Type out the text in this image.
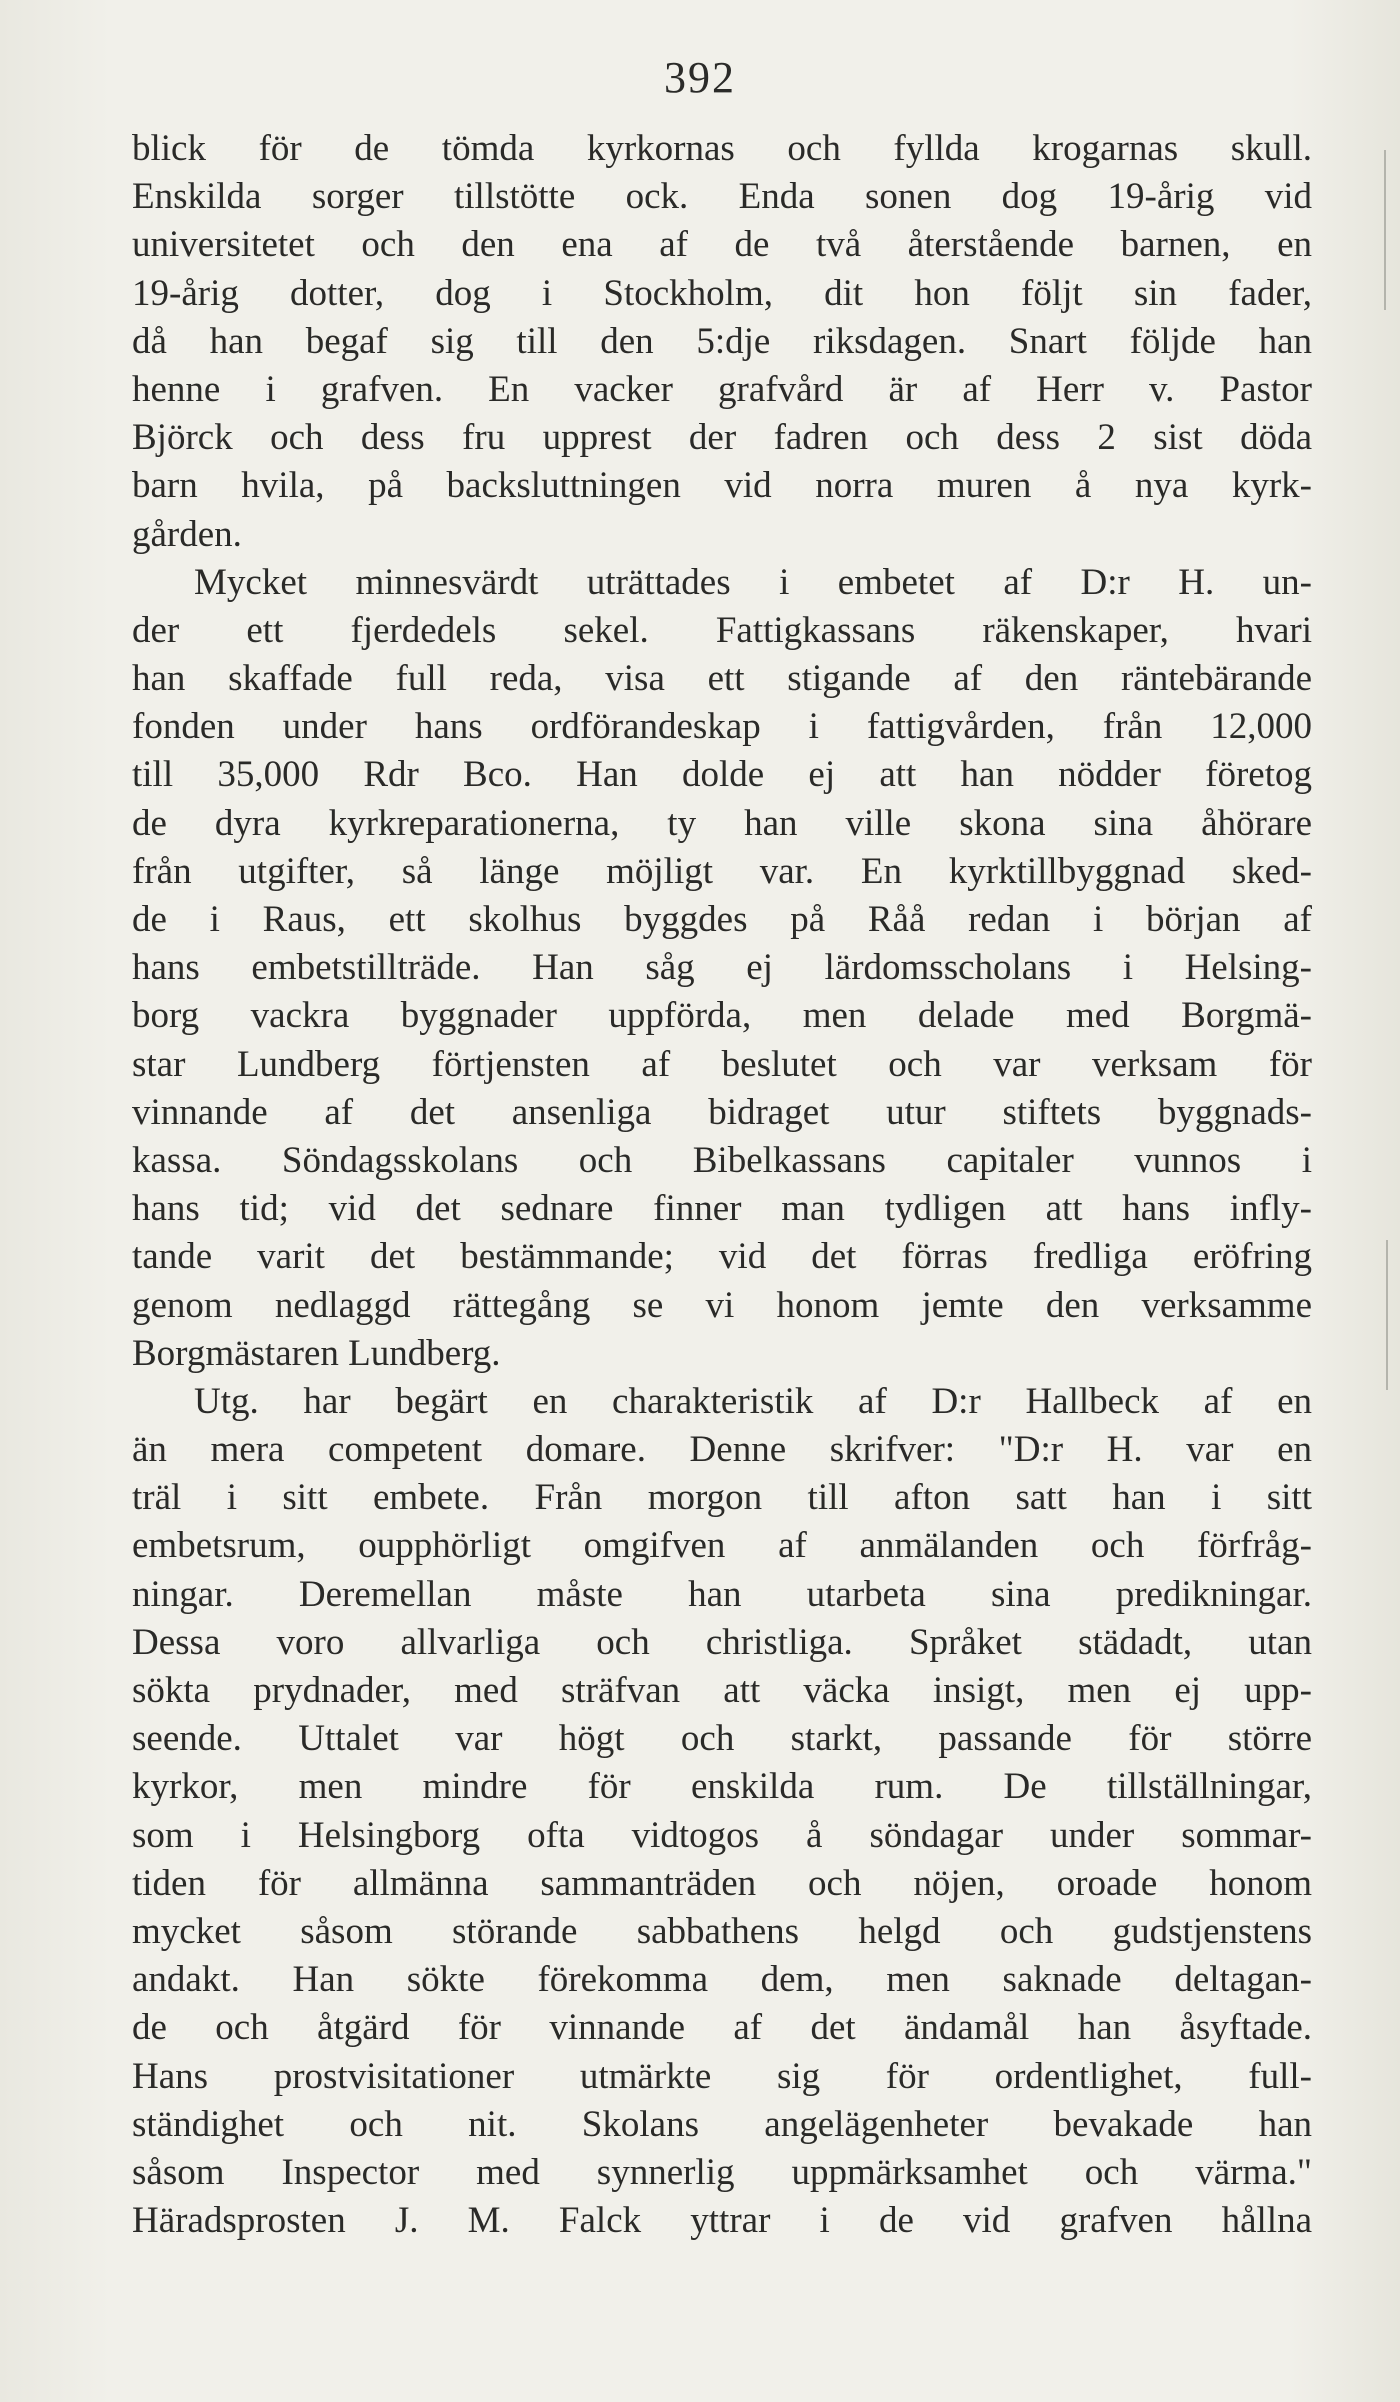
392
blick för de tömda kyrkornas och fyllda krogarnas skull.
Enskilda sorger tillstötte ock. Enda sonen dog 19-årig vid
universitetet och den ena af de två återstående barnen, en
19-årig dotter, dog i Stockholm, dit hon följt sin fader,
då han begaf sig till den 5:dje riksdagen. Snart följde han
henne i grafven. En vacker grafvård är af Herr v. Pastor
Björck och dess fru upprest der fadren och dess 2 sist döda
barn hvila, på backsluttningen vid norra muren å nya kyrk-
gården.
Mycket minnesvärdt uträttades i embetet af D:r H. un-
der ett fjerdedels sekel. Fattigkassans räkenskaper, hvari
han skaffade full reda, visa ett stigande af den räntebärande
fonden under hans ordförandeskap i fattigvården, från 12,000
till 35,000 Rdr Bco. Han dolde ej att han nödder företog
de dyra kyrkreparationerna, ty han ville skona sina åhörare
från utgifter, så länge möjligt var. En kyrktillbyggnad sked-
de i Raus, ett skolhus byggdes på Råå redan i början af
hans embetstillträde. Han såg ej lärdomsscholans i Helsing-
borg vackra byggnader uppförda, men delade med Borgmä-
star Lundberg förtjensten af beslutet och var verksam för
vinnande af det ansenliga bidraget utur stiftets byggnads-
kassa. Söndagsskolans och Bibelkassans capitaler vunnos i
hans tid; vid det sednare finner man tydligen att hans infly-
tande varit det bestämmande; vid det förras fredliga eröfring
genom nedlaggd rättegång se vi honom jemte den verksamme
Borgmästaren Lundberg.
Utg. har begärt en charakteristik af D:r Hallbeck af en
än mera competent domare. Denne skrifver: "D:r H. var en
träl i sitt embete. Från morgon till afton satt han i sitt
embetsrum, oupphörligt omgifven af anmälanden och förfråg-
ningar. Deremellan måste han utarbeta sina predikningar.
Dessa voro allvarliga och christliga. Språket städadt, utan
sökta prydnader, med sträfvan att väcka insigt, men ej upp-
seende. Uttalet var högt och starkt, passande för större
kyrkor, men mindre för enskilda rum. De tillställningar,
som i Helsingborg ofta vidtogos å söndagar under sommar-
tiden för allmänna sammanträden och nöjen, oroade honom
mycket såsom störande sabbathens helgd och gudstjenstens
andakt. Han sökte förekomma dem, men saknade deltagan-
de och åtgärd för vinnande af det ändamål han åsyftade.
Hans prostvisitationer utmärkte sig för ordentlighet, full-
ständighet och nit. Skolans angelägenheter bevakade han
såsom Inspector med synnerlig uppmärksamhet och värma."
Häradsprosten J. M. Falck yttrar i de vid grafven hållna
